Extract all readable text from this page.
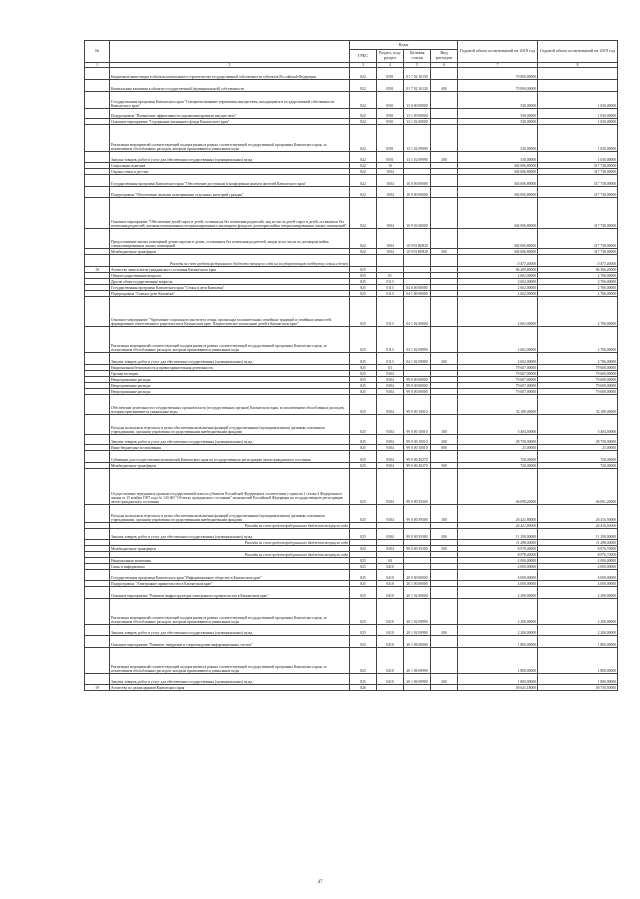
№		Коды				Годовой объем ассигнований на 2018 год	Годовой объем ассигнований на 2019 год
		ГРБС	Раздел, под-раздел	Целевая статья	Вид расходов		
1	2	3	4	5	6	7	8
	Бюджетные инвестиции в объекты капитального строительства государственной собственности субъектов Российской Федерации	822	0501	01 7 02 10130		70 000,00000	
	Капитальные вложения в объекты государственной (муниципальной) собственности	822	0501	01 7 02 10130	400	70 000,00000	
	Государственная программа Камчатского края "Совершенствование управления имуществом, находящимся в государственной собственности Камчатского края"	822	0501	13 0 00 00000		530,00000	1 030,00000
	Подпрограмма "Повышение эффективности управления краевым имуществом"	822	0501	13 1 00 00000		530,00000	1 030,00000
	Основное мероприятие "Содержание жилищного фонда Камчатского края"	822	0501	13 1 02 00000		530,00000	1 030,00000
	Реализация мероприятий соответствующей подпрограммы в рамках соответствующей государственной программы Камчатского края, за исключением обособленных расходов, которым присваиваются уникальные коды	822	0501	13 1 02 09990		530,00000	1 030,00000
	Закупка товаров, работ и услуг для обеспечения государственных (муниципальных) нужд	822	0501	13 1 02 09990	200	530,00000	1 030,00000
	Социальная политика	822	10			304 006,80000	317 738,00000
	Охрана семьи и детства	822	1004			304 006,80000	317 738,00000
	Государственная программа Камчатского края "Обеспечение доступным и комфортным жильем жителей Камчатского края"	822	1004	10 0 00 00000		304 006,80000	317 738,00000
	Подпрограмма "Обеспечение жилыми помещениями отдельных категорий граждан"	822	1004	10 9 00 00000		304 006,80000	317 738,00000
	Основное мероприятие "Обеспечение детей-сирот и детей, оставшихся без попечения родителей, лиц из числа детей-сирот и детей, оставшихся без попечения родителей, жилыми помещениями специализированного жилищного фонда по договорам найма специализированных жилых помещений"	822	1004	10 9 03 00000		304 006,80000	317 738,00000
	Предоставление жилых помещений детям-сиротам и детям, оставшимся без попечения родителей, лицам из их числа по договорам найма специализированных жилых помещений	822	1004	10 9 03 R0820		304 006,80000	317 738,00000
	Межбюджетные трансферты	822	1004	10 9 03 R0820	500	304 006,80000	317 738,00000
	Расходы за счет средств федерального бюджета текущего года на государственную поддержку семьи и детей					6 471,40000	6 471,40000
18	Агентство записи актов гражданского состояния Камчатского края	825				86 209,80000	86 306,20000
	Общегосударственные вопросы	825	01			2 602,00000	2 706,00000
	Другие общегосударственные вопросы	825	0113			2 602,00000	2 706,00000
	Государственная программа Камчатского края "Семья и дети Камчатки"	825	0113	04 0 00 00000		2 602,00000	2 706,00000
	Подпрограмма "Семья и дети Камчатки"	825	0113	04 1 00 00000		2 602,00000	2 706,00000
	Основное мероприятие "Укрепление социального института семьи, пропаганда положительных семейных традиций и семейных ценностей, формирование ответственного родительства в Камчатском крае. Патриотическое воспитание детей в Камчатском крае"	825	0113	04 1 02 00000		2 602,00000	2 706,00000
	Реализация мероприятий соответствующей подпрограммы в рамках соответствующей государственной программы Камчатского края, за исключением обособленных расходов, которым присваиваются уникальные коды	825	0113	04 1 02 09990		2 602,00000	2 706,00000
	Закупка товаров, работ и услуг для обеспечения государственных (муниципальных) нужд	825	0113	04 1 02 09990	200	2 602,00000	2 706,00000
	Национальная безопасность и правоохранительная деятельность	825	03			79 607,00000	79 600,00000
	Органы юстиции	825	0304			79 607,00000	79 600,00000
	Непрограммные расходы	825	0304	99 0 00 00000		79 607,00000	79 600,00000
	Непрограммные расходы	825	0304	99 0 00 00000		79 607,00000	79 600,00000
	Непрограммные расходы	825	0304	99 0 00 00000		79 607,00000	79 600,00000
	Обеспечение деятельности государственных органов власти (государственных органов) Камчатского края, за исключением обособленных расходов, которым присваиваются уникальные коды	825	0304	99 0 00 10010		32 188,40000	32 188,40000
	Расходы на выплаты персоналу в целях обеспечения выполнения функций государственными (муниципальными) органами, казенными учреждениями, органами управления государственными внебюджетными фондами	825	0304	99 0 00 10010	100	3 404,50000	3 404,50000
	Закупка товаров, работ и услуг для обеспечения государственных (муниципальных) нужд	825	0304	99 0 00 10010	200	28 758,90000	28 758,90000
	Иные бюджетные ассигнования	825	0304	99 0 00 10010	800	25,00000	25,00000
	Субвенции для осуществления полномочий Камчатского края на государственную регистрацию актов гражданского состояния	825	0304	99 0 00 40270		720,40000	720,40000
	Межбюджетные трансферты	825	0304	99 0 00 40270	500	720,40000	720,40000
	Осуществление переданных органам государственной власти субъектов Российской Федерации в соответствии с пунктом 1 статьи 4 Федерального закона от 15 ноября 1997 года № 143-ФЗ "Об актах гражданского состояния" полномочий Российской Федерации на государственную регистрацию актов гражданского состояния	825	0304	99 0 00 59300		46 698,20000	46 691,20000
	Расходы на выплаты персоналу в целях обеспечения выполнения функций государственными (муниципальными) органами, казенными учреждениями, органами управления государственными внебюджетными фондами	825	0304	99 0 00 59300	100	26 421,80000	26 416,50000
	Расходы за счет средств федерального бюджета текущего года					26 421,80000	26 416,50000
	Закупка товаров, работ и услуг для обеспечения государственных (муниципальных) нужд	825	0304	99 0 00 59300	200	11 298,00000	11 298,00000
	Расходы за счет средств федерального бюджета текущего года					11 298,00000	11 298,00000
	Межбюджетные трансферты	825	0304	99 0 00 59300	500	8 978,40000	8 976,70000
	Расходы за счет средств федерального бюджета текущего года					8 978,40000	8 976,70000
	Национальная экономика	825	04			4 000,00000	4 000,00000
	Связь и информатика	825	0410			4 000,00000	4 000,00000
	Государственная программа Камчатского края "Информационное общество в Камчатском крае"	825	0410	20 0 00 00000		4 000,00000	4 000,00000
	Подпрограмма "Электронное правительство в Камчатском крае"	825	0410	20 1 00 00000		4 000,00000	4 000,00000
	Основное мероприятие "Развитие инфраструктуры электронного правительства в Камчатском крае"	825	0410	20 1 02 00000		2 200,00000	2 200,00000
	Реализация мероприятий соответствующей подпрограммы в рамках соответствующей государственной программы Камчатского края, за исключением обособленных расходов, которым присваиваются уникальные коды	825	0410	20 1 02 09990		2 200,00000	2 200,00000
	Закупка товаров, работ и услуг для обеспечения государственных (муниципальных) нужд	825	0410	20 1 02 09990	200	2 200,00000	2 200,00000
	Основное мероприятие "Развитие, внедрение и сопровождение информационных систем"	825	0410	20 1 06 00000		1 800,00000	1 800,00000
	Реализация мероприятий соответствующей подпрограммы в рамках соответствующей государственной программы Камчатского края, за исключением обособленных расходов, которым присваиваются уникальные коды	825	0410	20 1 06 09990		1 800,00000	1 800,00000
	Закупка товаров, работ и услуг для обеспечения государственных (муниципальных) нужд	825	0410	20 1 06 09990	200	1 800,00000	1 800,00000
19	Агентство по делам архивов Камчатского края	826				39 641,18000	39 758,50000
47
